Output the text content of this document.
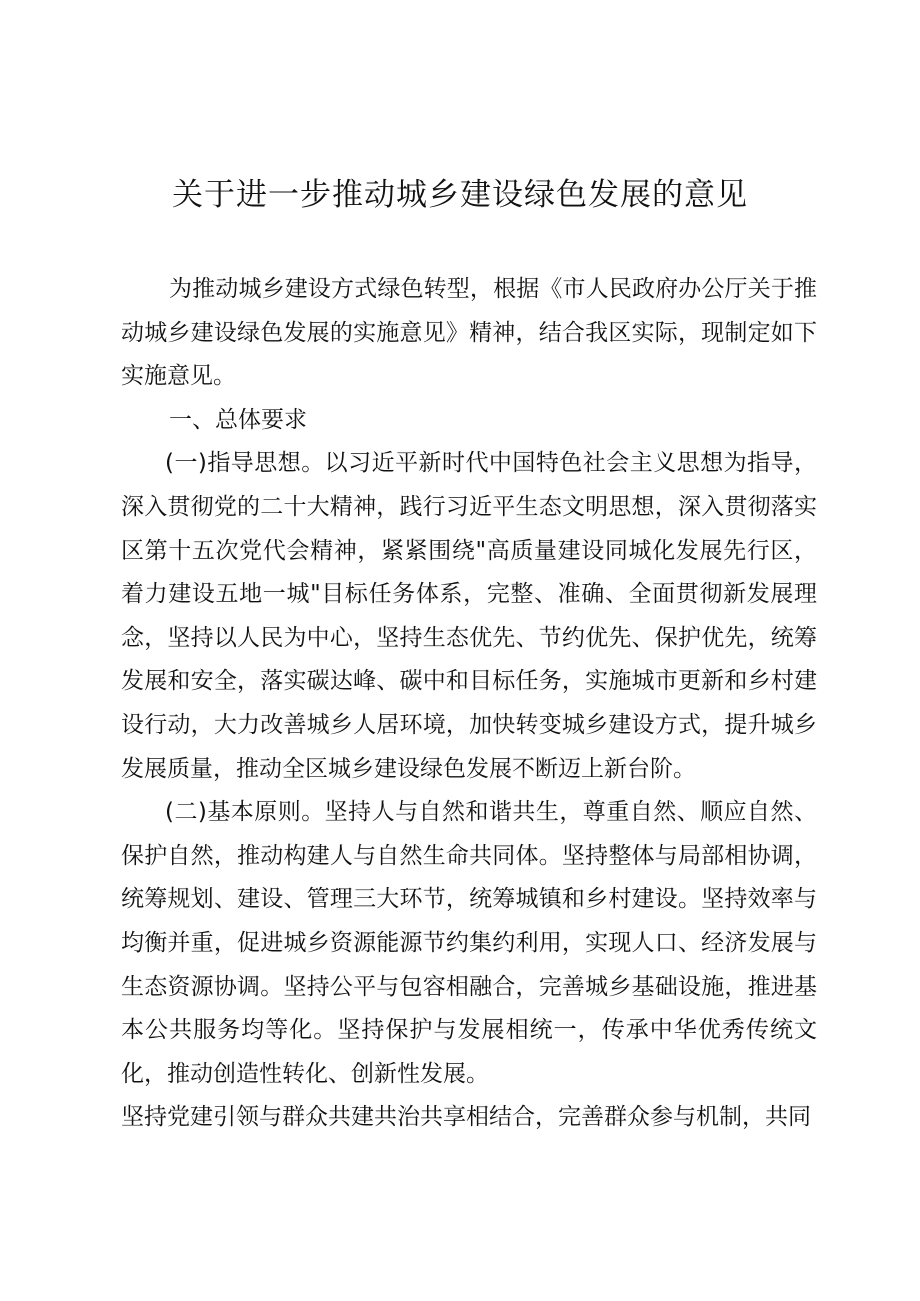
关于进一步推动城乡建设绿色发展的意见

为推动城乡建设方式绿色转型，根据《市人民政府办公厅关于推动城乡建设绿色发展的实施意见》精神，结合我区实际，现制定如下实施意见。

一、总体要求

(一)指导思想。以习近平新时代中国特色社会主义思想为指导，深入贯彻党的二十大精神，践行习近平生态文明思想，深入贯彻落实区第十五次党代会精神，紧紧围绕"高质量建设同城化发展先行区，着力建设五地一城"目标任务体系，完整、准确、全面贯彻新发展理念，坚持以人民为中心，坚持生态优先、节约优先、保护优先，统筹发展和安全，落实碳达峰、碳中和目标任务，实施城市更新和乡村建设行动，大力改善城乡人居环境，加快转变城乡建设方式，提升城乡发展质量，推动全区城乡建设绿色发展不断迈上新台阶。

(二)基本原则。坚持人与自然和谐共生，尊重自然、顺应自然、保护自然，推动构建人与自然生命共同体。坚持整体与局部相协调，统筹规划、建设、管理三大环节，统筹城镇和乡村建设。坚持效率与均衡并重，促进城乡资源能源节约集约利用，实现人口、经济发展与生态资源协调。坚持公平与包容相融合，完善城乡基础设施，推进基本公共服务均等化。坚持保护与发展相统一，传承中华优秀传统文化，推动创造性转化、创新性发展。

坚持党建引领与群众共建共治共享相结合，完善群众参与机制，共同
